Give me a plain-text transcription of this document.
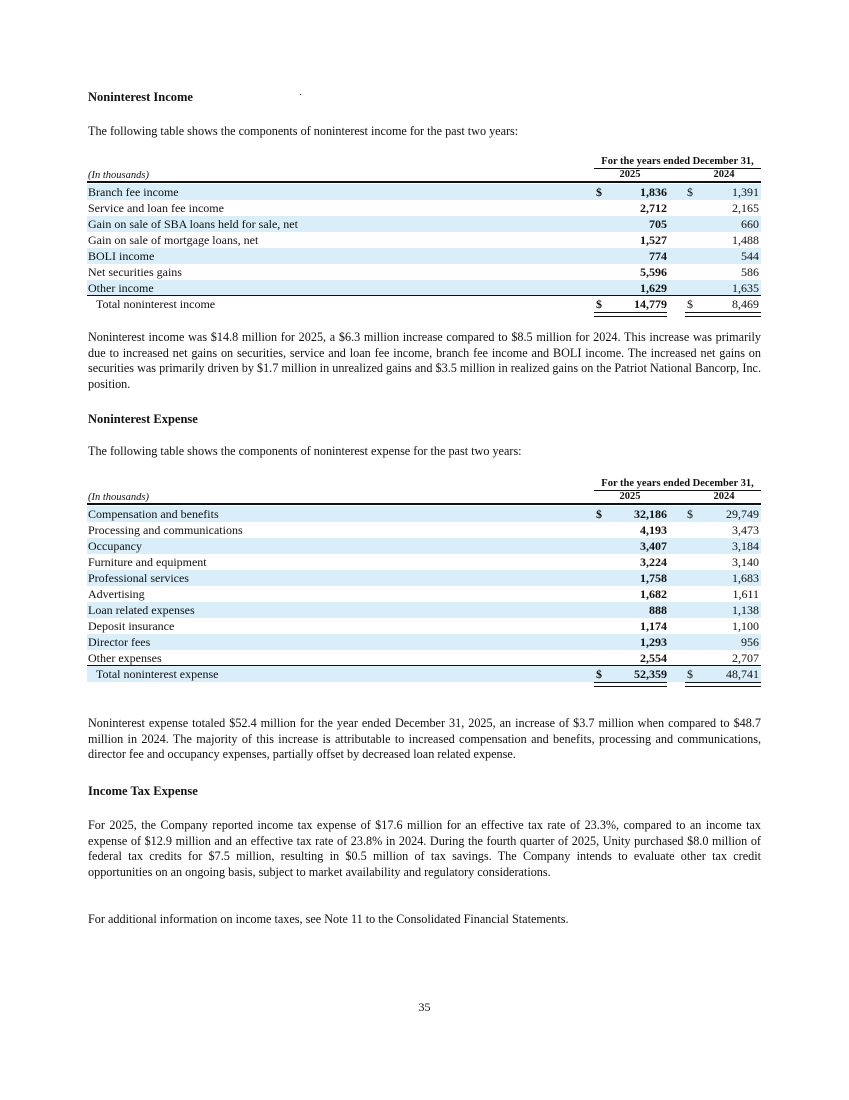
Noninterest Income
The following table shows the components of noninterest income for the past two years:
For the years ended December 31,
(In thousands)	2025	2024
Branch fee income	1,836	1,391
$	$
Service and loan fee income	2,712	2,165
Gain on sale of SBA loans held for sale, net	705	660
Gain on sale of mortgage loans, net	1,527	1,488
BOLI income	774	544
Net securities gains	5,596	586
Other income	1,629	1,635
Total noninterest income	14,779	8,469
$	$
Noninterest income was $14.8 million for 2025, a $6.3 million increase compared to $8.5 million for 2024. This increase was primarily due to increased net gains on securities, service and loan fee income, branch fee income and BOLI income. The increased net gains on securities was primarily driven by $1.7 million in unrealized gains and $3.5 million in realized gains on the Patriot National Bancorp, Inc. position.
Noninterest Expense
The following table shows the components of noninterest expense for the past two years:
For the years ended December 31,
(In thousands)	2025	2024
Compensation and benefits	32,186	29,749
$	$
Processing and communications	4,193	3,473
Occupancy	3,407	3,184
Furniture and equipment	3,224	3,140
Professional services	1,758	1,683
Advertising	1,682	1,611
Loan related expenses	888	1,138
Deposit insurance	1,174	1,100
Director fees	1,293	956
Other expenses	2,554	2,707
Total noninterest expense	52,359	48,741
$	$
Noninterest expense totaled $52.4 million for the year ended December 31, 2025, an increase of $3.7 million when compared to $48.7 million in 2024. The majority of this increase is attributable to increased compensation and benefits, processing and communications, director fee and occupancy expenses, partially offset by decreased loan related expense.
Income Tax Expense
For 2025, the Company reported income tax expense of $17.6 million for an effective tax rate of 23.3%, compared to an income tax expense of $12.9 million and an effective tax rate of 23.8% in 2024. During the fourth quarter of 2025, Unity purchased $8.0 million of federal tax credits for $7.5 million, resulting in $0.5 million of tax savings. The Company intends to evaluate other tax credit opportunities on an ongoing basis, subject to market availability and regulatory considerations.
For additional information on income taxes, see Note 11 to the Consolidated Financial Statements.
35
